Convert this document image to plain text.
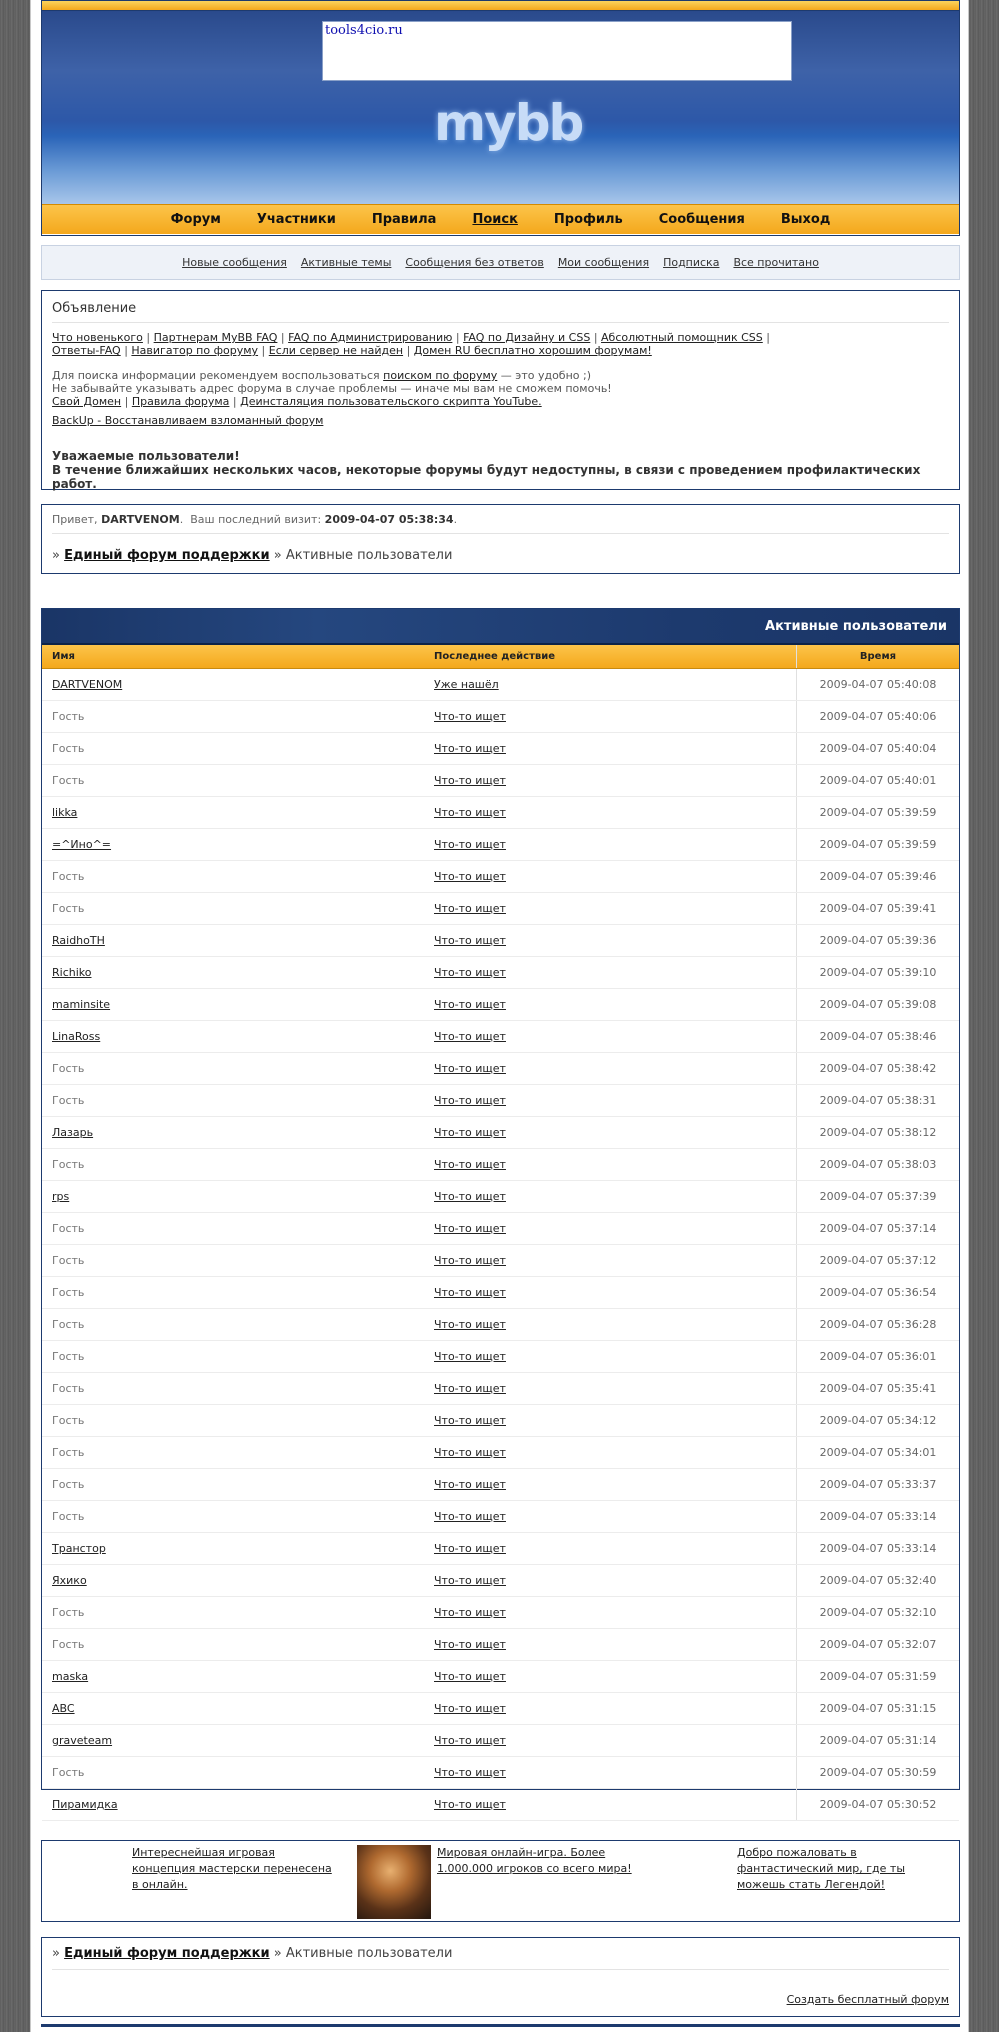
tools4cio.ru
mybb
Форум	Участники	Правила	Поиск	Профиль	Сообщения	Выход
Новые сообщения Активные темы Сообщения без ответов Мои сообщения Подписка Все прочитано
Объявление
Что новенького | Партнерам MyBB FAQ | FAQ по Администрированию | FAQ по Дизайну и CSS | Абсолютный помощник CSS |
Ответы-FAQ | Навигатор по форуму | Если сервер не найден | Домен RU бесплатно хорошим форумам!
Для поиска информации рекомендуем воспользоваться поиском по форуму — это удобно ;)
Не забывайте указывать адрес форума в случае проблемы — иначе мы вам не сможем помочь!
Свой Домен | Правила форума | Деинсталяция пользовательского скрипта YouTube.
BackUp - Восстанавливаем взломанный форум
Уважаемые пользователи!
В течение ближайших нескольких часов, некоторые форумы будут недоступны, в связи с проведением профилактических работ.
Привет, DARTVENOM.  Ваш последний визит: 2009-04-07 05:38:34.
» Единый форум поддержки » Активные пользователи
Активные пользователи
Имя	Последнее действие	Время
DARTVENOM	Уже нашёл	2009-04-07 05:40:08
Гость	Что-то ищет	2009-04-07 05:40:06
Гость	Что-то ищет	2009-04-07 05:40:04
Гость	Что-то ищет	2009-04-07 05:40:01
likka	Что-то ищет	2009-04-07 05:39:59
=^Ино^=	Что-то ищет	2009-04-07 05:39:59
Гость	Что-то ищет	2009-04-07 05:39:46
Гость	Что-то ищет	2009-04-07 05:39:41
RaidhoTH	Что-то ищет	2009-04-07 05:39:36
Richiko	Что-то ищет	2009-04-07 05:39:10
maminsite	Что-то ищет	2009-04-07 05:39:08
LinaRoss	Что-то ищет	2009-04-07 05:38:46
Гость	Что-то ищет	2009-04-07 05:38:42
Гость	Что-то ищет	2009-04-07 05:38:31
Лазарь	Что-то ищет	2009-04-07 05:38:12
Гость	Что-то ищет	2009-04-07 05:38:03
rps	Что-то ищет	2009-04-07 05:37:39
Гость	Что-то ищет	2009-04-07 05:37:14
Гость	Что-то ищет	2009-04-07 05:37:12
Гость	Что-то ищет	2009-04-07 05:36:54
Гость	Что-то ищет	2009-04-07 05:36:28
Гость	Что-то ищет	2009-04-07 05:36:01
Гость	Что-то ищет	2009-04-07 05:35:41
Гость	Что-то ищет	2009-04-07 05:34:12
Гость	Что-то ищет	2009-04-07 05:34:01
Гость	Что-то ищет	2009-04-07 05:33:37
Гость	Что-то ищет	2009-04-07 05:33:14
Транстор	Что-то ищет	2009-04-07 05:33:14
Яхико	Что-то ищет	2009-04-07 05:32:40
Гость	Что-то ищет	2009-04-07 05:32:10
Гость	Что-то ищет	2009-04-07 05:32:07
maska	Что-то ищет	2009-04-07 05:31:59
ABC	Что-то ищет	2009-04-07 05:31:15
graveteam	Что-то ищет	2009-04-07 05:31:14
Гость	Что-то ищет	2009-04-07 05:30:59
Пирамидка	Что-то ищет	2009-04-07 05:30:52
Интереснейшая игровая концепция мастерски перенесена в онлайн.
Мировая онлайн-игра. Более 1.000.000 игроков со всего мира!
Добро пожаловать в фантастический мир, где ты можешь стать Легендой!
» Единый форум поддержки » Активные пользователи
Создать бесплатный форум
